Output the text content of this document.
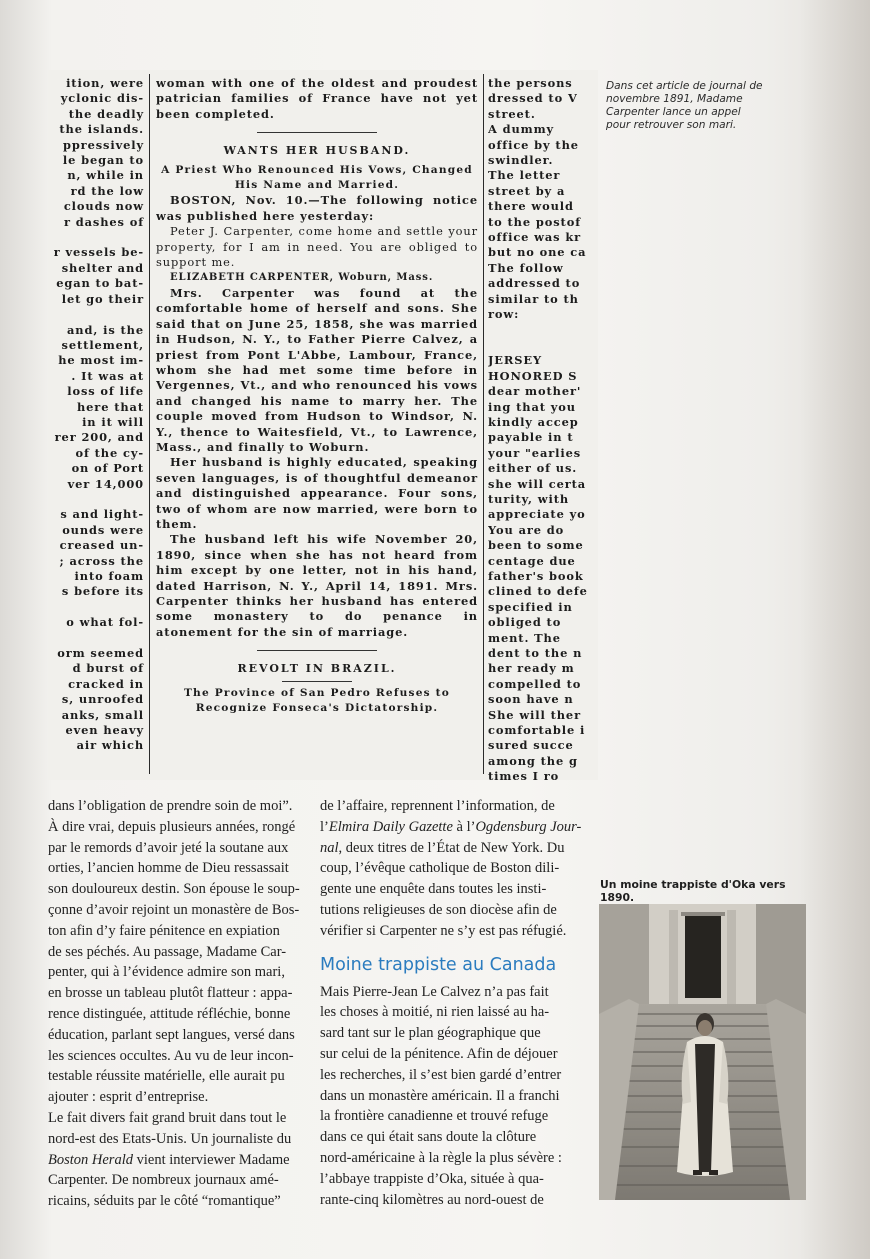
ition, were
yclonic dis-
the deadly
the islands.
ppressively
le began to
n, while in
rd the low
clouds now
r dashes of

r vessels be-
shelter and
egan to bat-
let go their

and, is the
settlement,
he most im-
. It was at
loss of life
here that
in it will
rer 200, and
of the cy-
on of Port
ver 14,000

s and light-
ounds were
creased un-
; across the
into foam
s before its

o what fol-

orm seemed
d burst of
cracked in
s, unroofed
anks, small
even heavy
air which
woman with one of the oldest and proudest patrician families of France have not yet been completed.
WANTS HER HUSBAND.
A Priest Who Renounced His Vows, Changed His Name and Married.
BOSTON, Nov. 10.—The following notice was published here yesterday:
Peter J. Carpenter, come home and settle your property, for I am in need. You are obliged to support me.
ELIZABETH CARPENTER, Woburn, Mass.
Mrs. Carpenter was found at the comfortable home of herself and sons. She said that on June 25, 1858, she was married in Hudson, N. Y., to Father Pierre Calvez, a priest from Pont L'Abbe, Lambour, France, whom she had met some time before in Vergennes, Vt., and who renounced his vows and changed his name to marry her. The couple moved from Hudson to Windsor, N. Y., thence to Waitesfield, Vt., to Lawrence, Mass., and finally to Woburn.
Her husband is highly educated, speaking seven languages, is of thoughtful demeanor and distinguished appearance. Four sons, two of whom are now married, were born to them.
The husband left his wife November 20, 1890, since when she has not heard from him except by one letter, not in his hand, dated Harrison, N. Y., April 14, 1891. Mrs. Carpenter thinks her husband has entered some monastery to do penance in atonement for the sin of marriage.
REVOLT IN BRAZIL.
The Province of San Pedro Refuses to Recognize Fonseca's Dictatorship.
the persons
dressed to V
street.
A dummy
office by the
swindler.
The letter
street by a
there would
to the postof
office was kr
but no one ca
The follow
addressed to
similar to th
row:

JERSEY
HONORED S
dear mother'
ing that you
kindly accep
payable in t
your "earlies
either of us.
she will certa
turity, with
appreciate yo
You are do
been to some
centage due
father's book
clined to defe
specified in
obliged to
ment. The
dent to the n
her ready m
compelled to
soon have n
She will ther
comfortable i
sured succe
among the g
times I ro
Dans cet article de journal de novembre 1891, Madame Carpenter lance un appel pour retrouver son mari.
Un moine trappiste d'Oka vers 1890.

dans l’obligation de prendre soin de moi”.
À dire vrai, depuis plusieurs années, rongé
par le remords d’avoir jeté la soutane aux
orties, l’ancien homme de Dieu ressassait
son douloureux destin. Son épouse le soup-
çonne d’avoir rejoint un monastère de Bos-
ton afin d’y faire pénitence en expiation
de ses péchés. Au passage, Madame Car-
penter, qui à l’évidence admire son mari,
en brosse un tableau plutôt flatteur : appa-
rence distinguée, attitude réfléchie, bonne
éducation, parlant sept langues, versé dans
les sciences occultes. Au vu de leur incon-
testable réussite matérielle, elle aurait pu
ajouter : esprit d’entreprise.

Le fait divers fait grand bruit dans tout le
nord-est des Etats-Unis. Un journaliste du
Boston Herald vient interviewer Madame
Carpenter. De nombreux journaux amé-
ricains, séduits par le côté “romantique”

de l’affaire, reprennent l’information, de
l’Elmira Daily Gazette à l’Ogdensburg Jour-
nal, deux titres de l’État de New York. Du
coup, l’évêque catholique de Boston dili-
gente une enquête dans toutes les insti-
tutions religieuses de son diocèse afin de
vérifier si Carpenter ne s’y est pas réfugié.

Moine trappiste au Canada

Mais Pierre-Jean Le Calvez n’a pas fait
les choses à moitié, ni rien laissé au ha-
sard tant sur le plan géographique que
sur celui de la pénitence. Afin de déjouer
les recherches, il s’est bien gardé d’entrer
dans un monastère américain. Il a franchi
la frontière canadienne et trouvé refuge
dans ce qui était sans doute la clôture
nord-américaine à la règle la plus sévère :
l’abbaye trappiste d’Oka, située à qua-
rante-cinq kilomètres au nord-ouest de
